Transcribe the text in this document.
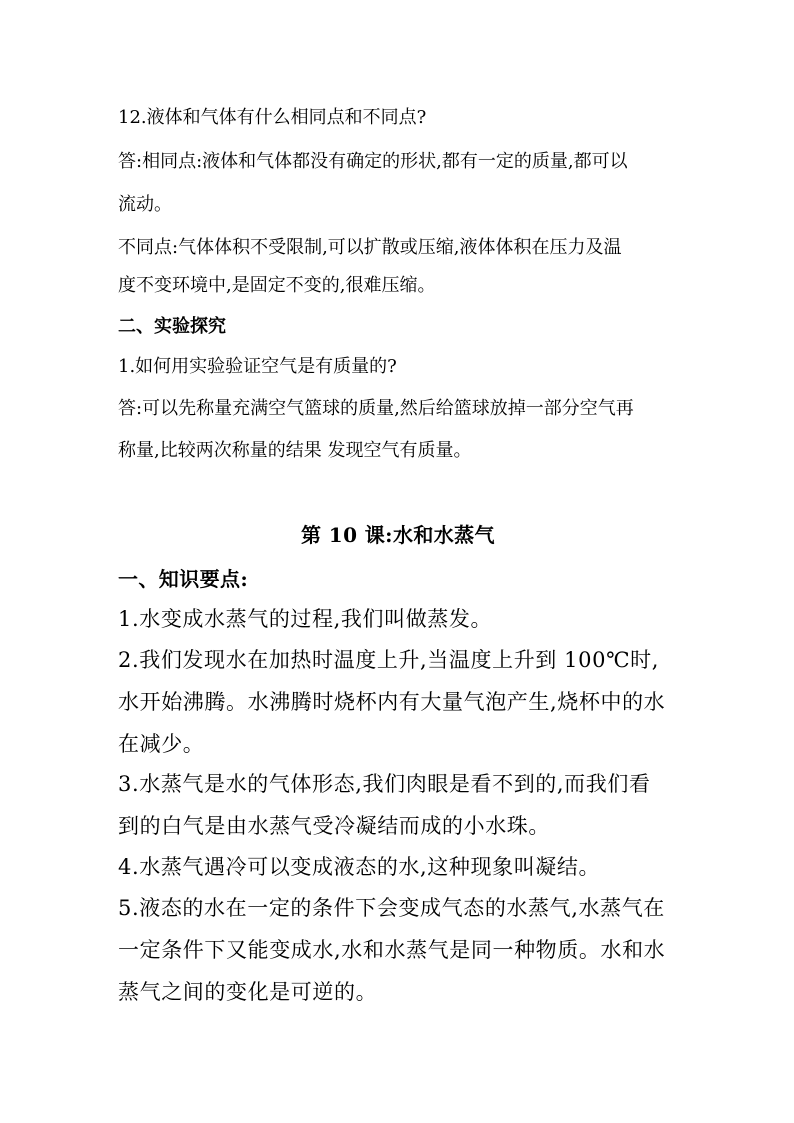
12.液体和气体有什么相同点和不同点?
答:相同点:液体和气体都没有确定的形状,都有一定的质量,都可以
流动。
不同点:气体体积不受限制,可以扩散或压缩,液体体积在压力及温
度不变环境中,是固定不变的,很难压缩。
二、实验探究
1.如何用实验验证空气是有质量的?
答:可以先称量充满空气篮球的质量,然后给篮球放掉一部分空气再
称量,比较两次称量的结果 发现空气有质量。
第 10 课:水和水蒸气
一、知识要点:
1.水变成水蒸气的过程,我们叫做蒸发。
2.我们发现水在加热时温度上升,当温度上升到 100℃时,
水开始沸腾。水沸腾时烧杯内有大量气泡产生,烧杯中的水
在减少。
3.水蒸气是水的气体形态,我们肉眼是看不到的,而我们看
到的白气是由水蒸气受冷凝结而成的小水珠。
4.水蒸气遇冷可以变成液态的水,这种现象叫凝结。
5.液态的水在一定的条件下会变成气态的水蒸气,水蒸气在
一定条件下又能变成水,水和水蒸气是同一种物质。水和水
蒸气之间的变化是可逆的。
